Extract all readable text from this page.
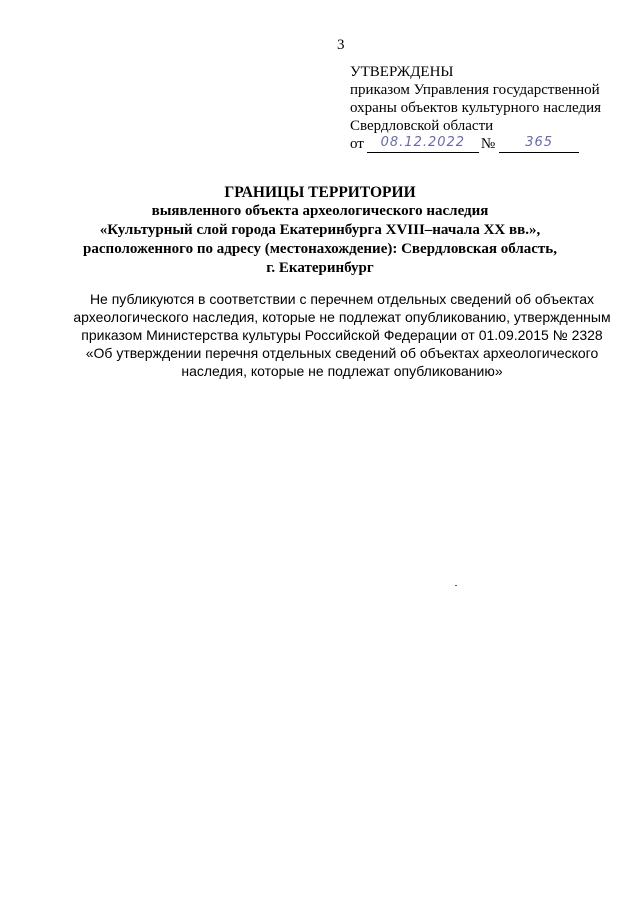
3
УТВЕРЖДЕНЫ
приказом Управления государственной
охраны объектов культурного наследия
Свердловской области
от	08.12.2022	№	365
ГРАНИЦЫ ТЕРРИТОРИИ
выявленного объекта археологического наследия
«Культурный слой города Екатеринбурга XVIII–начала XX вв.»,
расположенного по адресу (местонахождение): Свердловская область,
г. Екатеринбург
Не публикуются в соответствии с перечнем отдельных сведений об объектах
археологического наследия, которые не подлежат опубликованию, утвержденным
приказом Министерства культуры Российской Федерации от 01.09.2015 № 2328
«Об утверждении перечня отдельных сведений об объектах археологического
наследия, которые не подлежат опубликованию»
